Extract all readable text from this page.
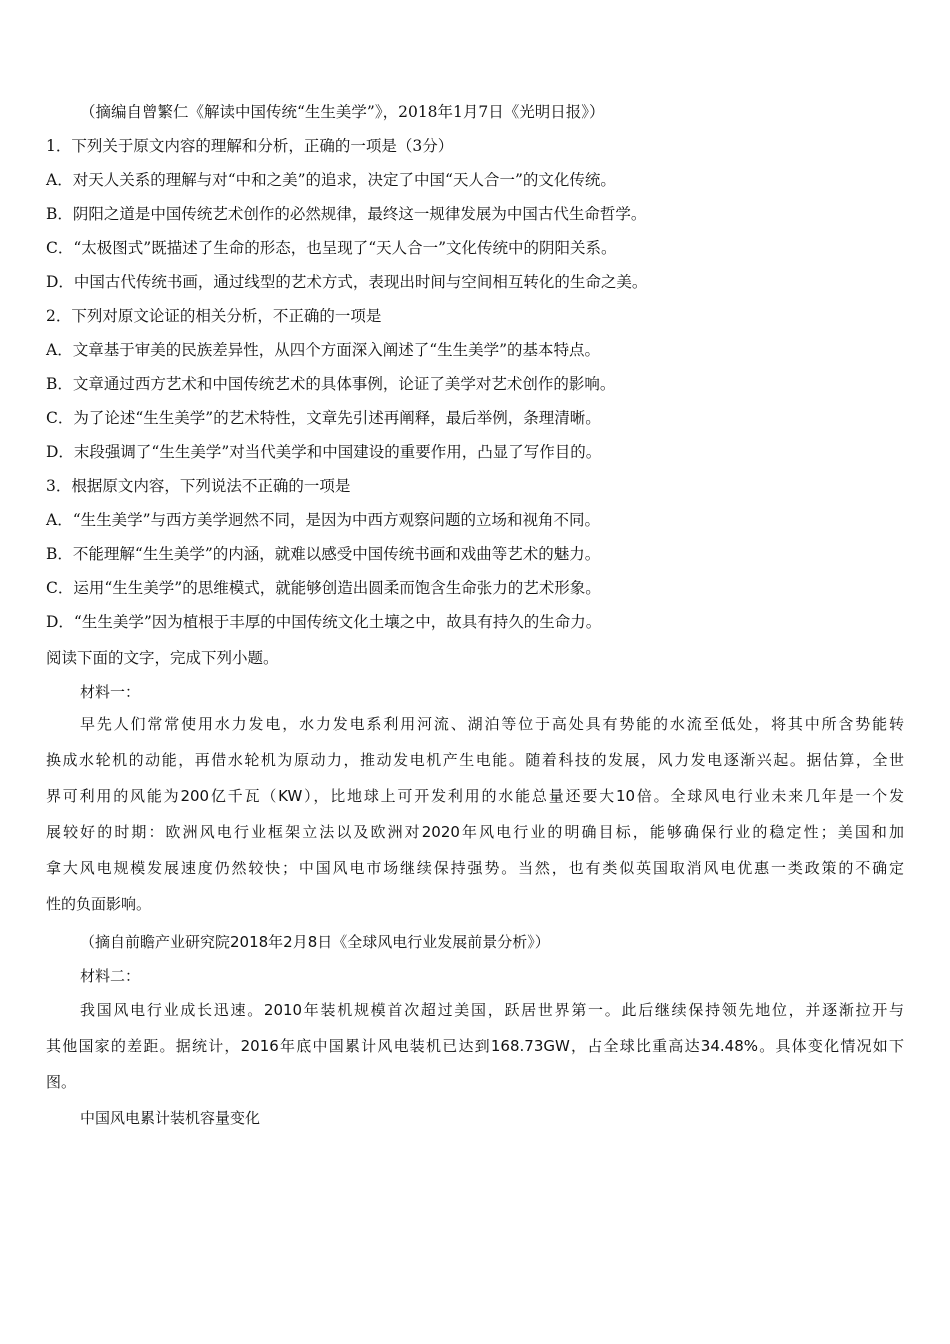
（摘编自曾繁仁《解读中国传统“生生美学”》，2018年1月7日《光明日报》）
1．下列关于原文内容的理解和分析，正确的一项是（3分）
A．对天人关系的理解与对“中和之美”的追求，决定了中国“天人合一”的文化传统。
B．阴阳之道是中国传统艺术创作的必然规律，最终这一规律发展为中国古代生命哲学。
C．“太极图式”既描述了生命的形态，也呈现了“天人合一”文化传统中的阴阳关系。
D．中国古代传统书画，通过线型的艺术方式，表现出时间与空间相互转化的生命之美。
2．下列对原文论证的相关分析，不正确的一项是
A．文章基于审美的民族差异性，从四个方面深入阐述了“生生美学”的基本特点。
B．文章通过西方艺术和中国传统艺术的具体事例，论证了美学对艺术创作的影响。
C．为了论述“生生美学”的艺术特性，文章先引述再阐释，最后举例，条理清晰。
D．末段强调了“生生美学”对当代美学和中国建设的重要作用，凸显了写作目的。
3．根据原文内容，下列说法不正确的一项是
A．“生生美学”与西方美学迥然不同，是因为中西方观察问题的立场和视角不同。
B．不能理解“生生美学”的内涵，就难以感受中国传统书画和戏曲等艺术的魅力。
C．运用“生生美学”的思维模式，就能够创造出圆柔而饱含生命张力的艺术形象。
D．“生生美学”因为植根于丰厚的中国传统文化土壤之中，故具有持久的生命力。
阅读下面的文字，完成下列小题。
材料一：
早先人们常常使用水力发电，水力发电系利用河流、湖泊等位于高处具有势能的水流至低处，将其中所含势能转
换成水轮机的动能，再借水轮机为原动力，推动发电机产生电能。随着科技的发展，风力发电逐渐兴起。据估算，全世
界可利用的风能为200亿千瓦（KW），比地球上可开发利用的水能总量还要大10倍。全球风电行业未来几年是一个发
展较好的时期：欧洲风电行业框架立法以及欧洲对2020年风电行业的明确目标，能够确保行业的稳定性；美国和加
拿大风电规模发展速度仍然较快；中国风电市场继续保持强势。当然，也有类似英国取消风电优惠一类政策的不确定
性的负面影响。
（摘自前瞻产业研究院2018年2月8日《全球风电行业发展前景分析》）
材料二：
我国风电行业成长迅速。2010年装机规模首次超过美国，跃居世界第一。此后继续保持领先地位，并逐渐拉开与
其他国家的差距。据统计，2016年底中国累计风电装机已达到168.73GW，占全球比重高达34.48%。具体变化情况如下
图。
中国风电累计装机容量变化
